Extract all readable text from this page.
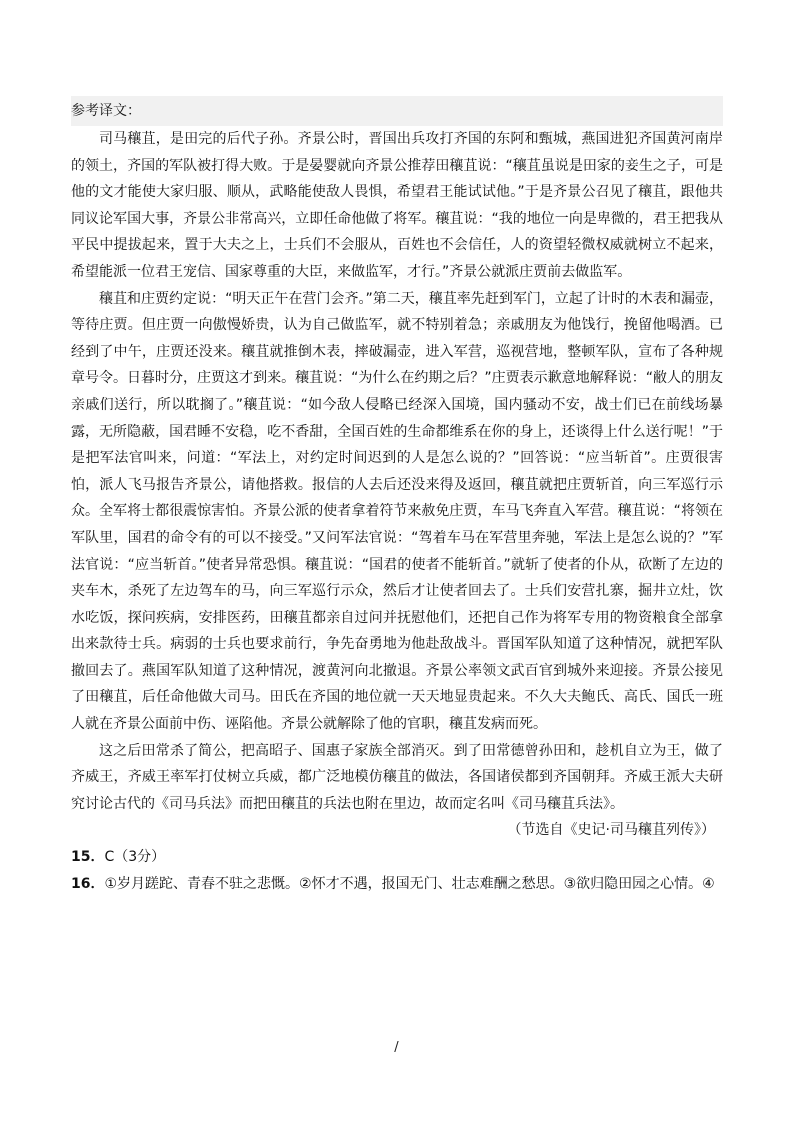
参考译文：

司马穰苴，是田完的后代子孙。齐景公时，晋国出兵攻打齐国的东阿和甄城，燕国进犯齐国黄河南岸的领土，齐国的军队被打得大败。于是晏婴就向齐景公推荐田穰苴说：“穰苴虽说是田家的妾生之子，可是他的文才能使大家归服、顺从，武略能使敌人畏惧，希望君王能试试他。”于是齐景公召见了穰苴，跟他共同议论军国大事，齐景公非常高兴，立即任命他做了将军。穰苴说：“我的地位一向是卑微的，君王把我从平民中提拔起来，置于大夫之上，士兵们不会服从，百姓也不会信任，人的资望轻微权威就树立不起来，希望能派一位君王宠信、国家尊重的大臣，来做监军，才行。”齐景公就派庄贾前去做监军。

穰苴和庄贾约定说：“明天正午在营门会齐。”第二天，穰苴率先赶到军门，立起了计时的木表和漏壶，等待庄贾。但庄贾一向傲慢娇贵，认为自己做监军，就不特别着急；亲戚朋友为他饯行，挽留他喝酒。已经到了中午，庄贾还没来。穰苴就推倒木表，摔破漏壶，进入军营，巡视营地，整顿军队，宣布了各种规章号令。日暮时分，庄贾这才到来。穰苴说：“为什么在约期之后？”庄贾表示歉意地解释说：“敝人的朋友亲戚们送行，所以耽搁了。”穰苴说：“如今敌人侵略已经深入国境，国内骚动不安，战士们已在前线场暴露，无所隐蔽，国君睡不安稳，吃不香甜，全国百姓的生命都维系在你的身上，还谈得上什么送行呢！”于是把军法官叫来，问道：“军法上，对约定时间迟到的人是怎么说的？”回答说：“应当斩首”。庄贾很害怕，派人飞马报告齐景公，请他搭救。报信的人去后还没来得及返回，穰苴就把庄贾斩首，向三军巡行示众。全军将士都很震惊害怕。齐景公派的使者拿着符节来赦免庄贾，车马飞奔直入军营。穰苴说：“将领在军队里，国君的命令有的可以不接受。”又问军法官说：“驾着车马在军营里奔驰，军法上是怎么说的？”军法官说：“应当斩首。”使者异常恐惧。穰苴说：“国君的使者不能斩首。”就斩了使者的仆从，砍断了左边的夹车木，杀死了左边驾车的马，向三军巡行示众，然后才让使者回去了。士兵们安营扎寨，掘井立灶，饮水吃饭，探问疾病，安排医药，田穰苴都亲自过问并抚慰他们，还把自己作为将军专用的物资粮食全部拿出来款待士兵。病弱的士兵也要求前行，争先奋勇地为他赴敌战斗。晋国军队知道了这种情况，就把军队撤回去了。燕国军队知道了这种情况，渡黄河向北撤退。齐景公率领文武百官到城外来迎接。齐景公接见了田穰苴，后任命他做大司马。田氏在齐国的地位就一天天地显贵起来。不久大夫鲍氏、高氏、国氏一班人就在齐景公面前中伤、诬陷他。齐景公就解除了他的官职，穰苴发病而死。

这之后田常杀了简公，把高昭子、国惠子家族全部消灭。到了田常德曾孙田和，趁机自立为王，做了齐威王，齐威王率军打仗树立兵威，都广泛地模仿穰苴的做法，各国诸侯都到齐国朝拜。齐威王派大夫研究讨论古代的《司马兵法》而把田穰苴的兵法也附在里边，故而定名叫《司马穰苴兵法》。

（节选自《史记·司马穰苴列传》）

15．C（3分）

16．①岁月蹉跎、青春不驻之悲慨。②怀才不遇，报国无门、壮志难酬之愁思。③欲归隐田园之心情。④

/
